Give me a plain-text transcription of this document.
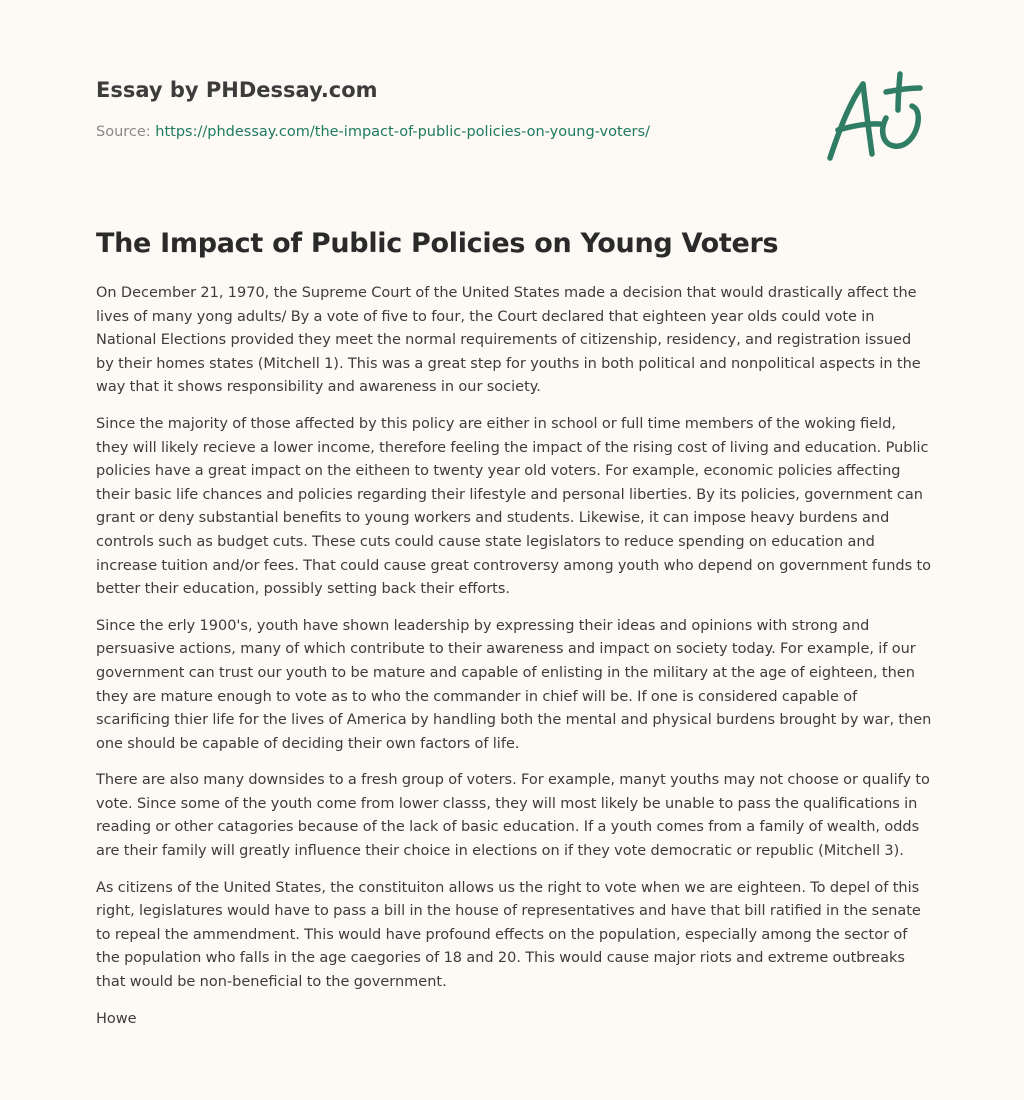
Essay by PHDessay.com
Source: https://phdessay.com/the-impact-of-public-policies-on-young-voters/
The Impact of Public Policies on Young Voters

On December 21, 1970, the Supreme Court of the United States made a decision that would drastically affect the lives of many yong adults/ By a vote of five to four, the Court declared that eighteen year olds could vote in National Elections provided they meet the normal requirements of citizenship, residency, and registration issued by their homes states (Mitchell 1). This was a great step for youths in both political and nonpolitical aspects in the way that it shows responsibility and awareness in our society.

Since the majority of those affected by this policy are either in school or full time members of the woking field, they will likely recieve a lower income, therefore feeling the impact of the rising cost of living and education. Public policies have a great impact on the eitheen to twenty year old voters. For example, economic policies affecting their basic life chances and policies regarding their lifestyle and personal liberties. By its policies, government can grant or deny substantial benefits to young workers and students. Likewise, it can impose heavy burdens and controls such as budget cuts. These cuts could cause state legislators to reduce spending on education and increase tuition and/or fees. That could cause great controversy among youth who depend on government funds to better their education, possibly setting back their efforts.

Since the erly 1900's, youth have shown leadership by expressing their ideas and opinions with strong and persuasive actions, many of which contribute to their awareness and impact on society today. For example, if our government can trust our youth to be mature and capable of enlisting in the military at the age of eighteen, then they are mature enough to vote as to who the commander in chief will be. If one is considered capable of scarificing thier life for the lives of America by handling both the mental and physical burdens brought by war, then one should be capable of deciding their own factors of life.

There are also many downsides to a fresh group of voters. For example, manyt youths may not choose or qualify to vote. Since some of the youth come from lower classs, they will most likely be unable to pass the qualifications in reading or other catagories because of the lack of basic education. If a youth comes from a family of wealth, odds are their family will greatly influence their choice in elections on if they vote democratic or republic (Mitchell 3).

As citizens of the United States, the constituiton allows us the right to vote when we are eighteen. To depel of this right, legislatures would have to pass a bill in the house of representatives and have that bill ratified in the senate to repeal the ammendment. This would have profound effects on the population, especially among the sector of the population who falls in the age caegories of 18 and 20. This would cause major riots and extreme outbreaks that would be non-beneficial to the government.

Howe
